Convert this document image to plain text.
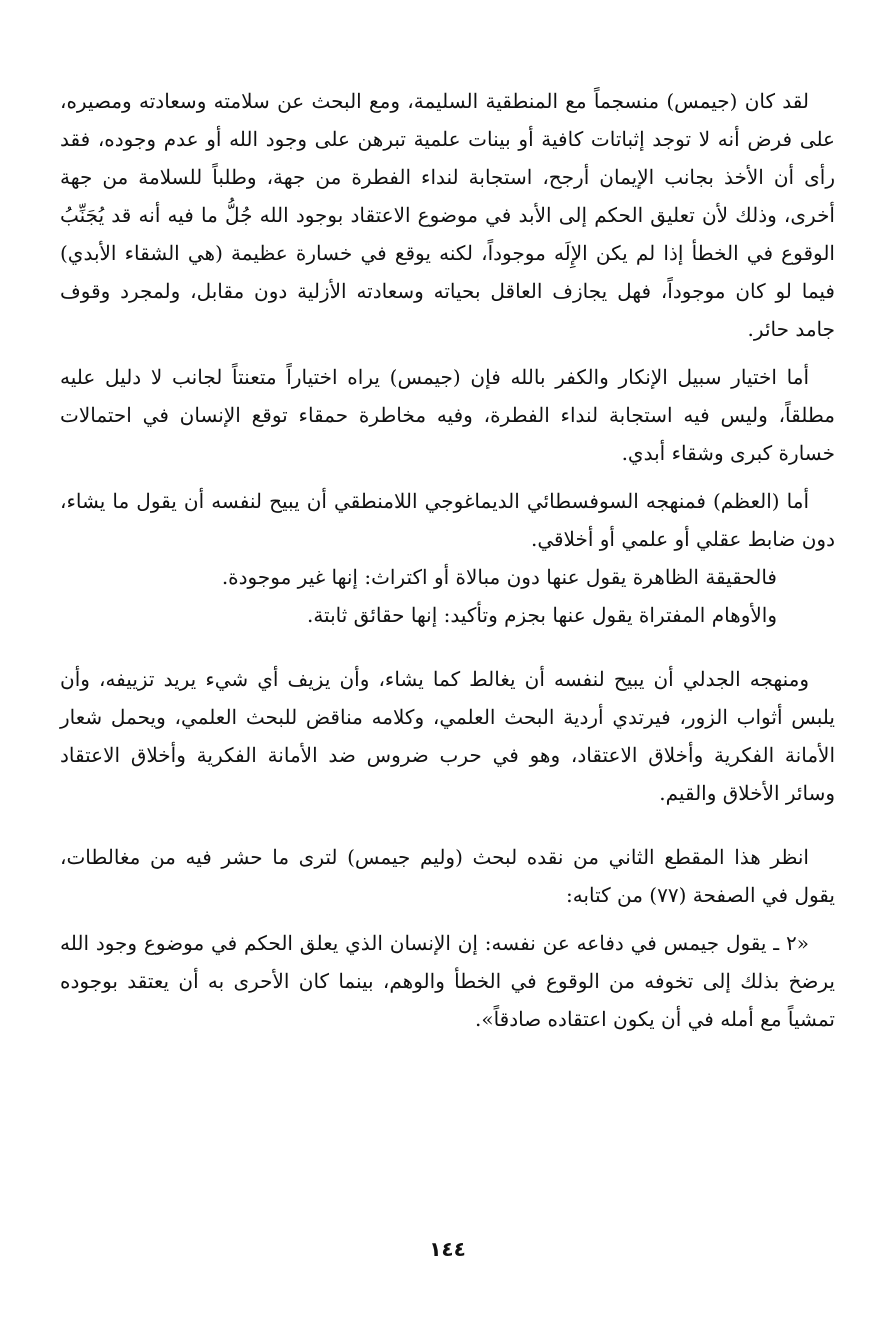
لقد كان (جيمس) منسجماً مع المنطقية السليمة، ومع البحث عن سلامته وسعادته ومصيره، على فرض أنه لا توجد إثباتات كافية أو بينات علمية تبرهن على وجود الله أو عدم وجوده، فقد رأى أن الأخذ بجانب الإيمان أرجح، استجابة لنداء الفطرة من جهة، وطلباً للسلامة من جهة أخرى، وذلك لأن تعليق الحكم إلى الأبد في موضوع الاعتقاد بوجود الله جُلُّ ما فيه أنه قد يُجَنِّبُ الوقوع في الخطأ إذا لم يكن الإِلَه موجوداً، لكنه يوقع في خسارة عظيمة (هي الشقاء الأبدي) فيما لو كان موجوداً، فهل يجازف العاقل بحياته وسعادته الأزلية دون مقابل، ولمجرد وقوف جامد حائر.

أما اختيار سبيل الإنكار والكفر بالله فإن (جيمس) يراه اختياراً متعنتاً لجانب لا دليل عليه مطلقاً، وليس فيه استجابة لنداء الفطرة، وفيه مخاطرة حمقاء توقع الإنسان في احتمالات خسارة كبرى وشقاء أبدي.

أما (العظم) فمنهجه السوفسطائي الديماغوجي اللامنطقي أن يبيح لنفسه أن يقول ما يشاء، دون ضابط عقلي أو علمي أو أخلاقي.

فالحقيقة الظاهرة يقول عنها دون مبالاة أو اكتراث: إنها غير موجودة.

والأوهام المفتراة يقول عنها بجزم وتأكيد: إنها حقائق ثابتة.

ومنهجه الجدلي أن يبيح لنفسه أن يغالط كما يشاء، وأن يزيف أي شيء يريد تزييفه، وأن يلبس أثواب الزور، فيرتدي أردية البحث العلمي، وكلامه مناقض للبحث العلمي، ويحمل شعار الأمانة الفكرية وأخلاق الاعتقاد، وهو في حرب ضروس ضد الأمانة الفكرية وأخلاق الاعتقاد وسائر الأخلاق والقيم.

انظر هذا المقطع الثاني من نقده لبحث (وليم جيمس) لترى ما حشر فيه من مغالطات، يقول في الصفحة (٧٧) من كتابه:

«٢ ـ يقول جيمس في دفاعه عن نفسه: إن الإنسان الذي يعلق الحكم في موضوع وجود الله يرضخ بذلك إلى تخوفه من الوقوع في الخطأ والوهم، بينما كان الأحرى به أن يعتقد بوجوده تمشياً مع أمله في أن يكون اعتقاده صادقاً».

١٤٤
